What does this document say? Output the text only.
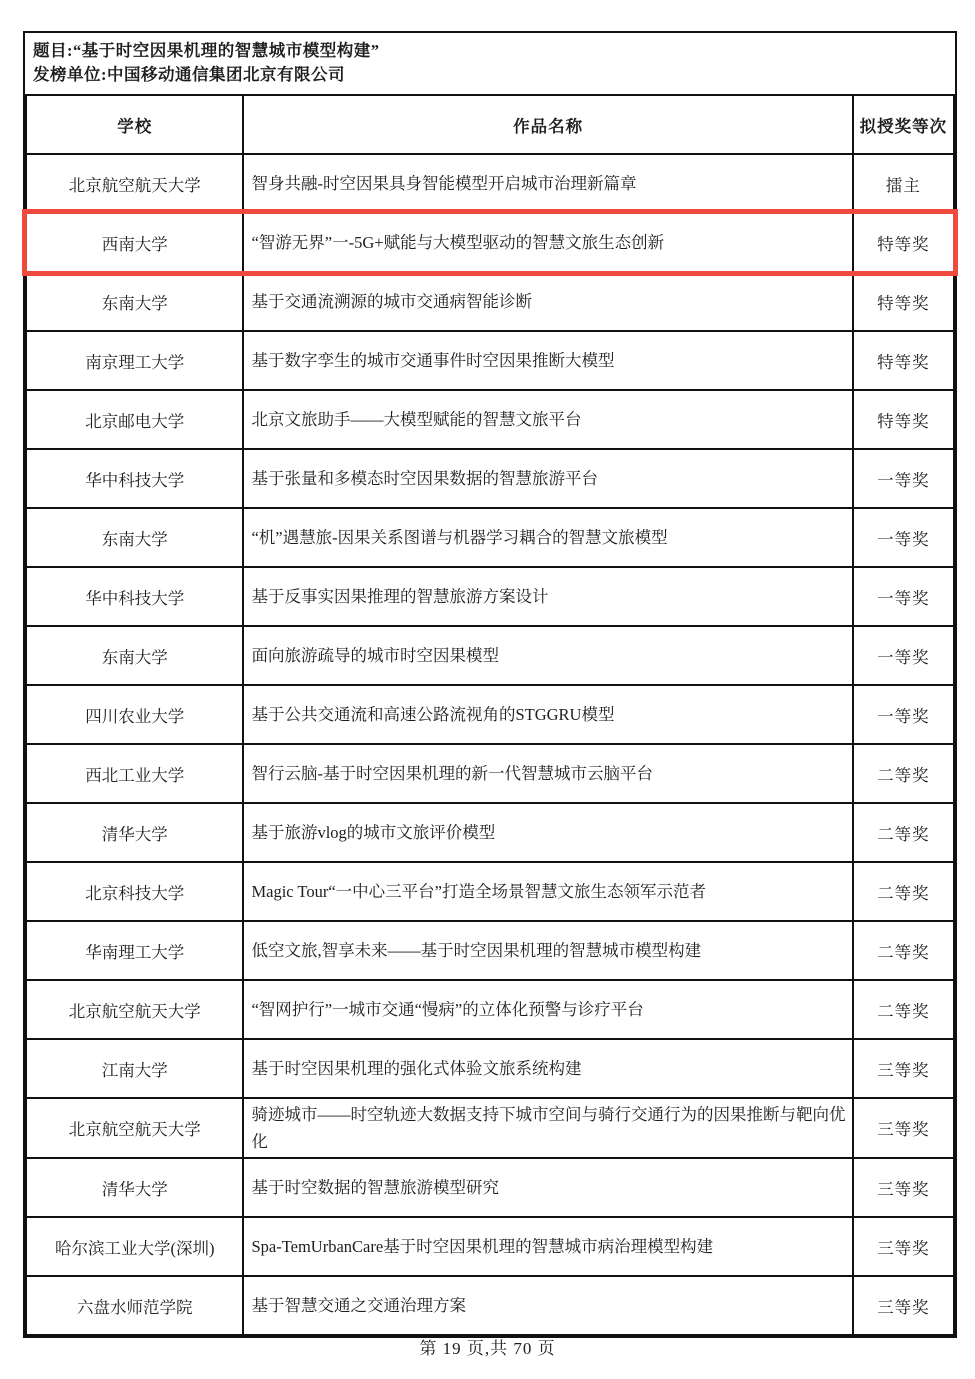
题目:“基于时空因果机理的智慧城市模型构建”
发榜单位:中国移动通信集团北京有限公司
学校	作品名称	拟授奖等次
北京航空航天大学	智身共融-时空因果具身智能模型开启城市治理新篇章	擂主
西南大学	“智游无界”一-5G+赋能与大模型驱动的智慧文旅生态创新	特等奖
东南大学	基于交通流溯源的城市交通病智能诊断	特等奖
南京理工大学	基于数字孪生的城市交通事件时空因果推断大模型	特等奖
北京邮电大学	北京文旅助手——大模型赋能的智慧文旅平台	特等奖
华中科技大学	基于张量和多模态时空因果数据的智慧旅游平台	一等奖
东南大学	“机”遇慧旅-因果关系图谱与机器学习耦合的智慧文旅模型	一等奖
华中科技大学	基于反事实因果推理的智慧旅游方案设计	一等奖
东南大学	面向旅游疏导的城市时空因果模型	一等奖
四川农业大学	基于公共交通流和高速公路流视角的STGGRU模型	一等奖
西北工业大学	智行云脑-基于时空因果机理的新一代智慧城市云脑平台	二等奖
清华大学	基于旅游vlog的城市文旅评价模型	二等奖
北京科技大学	Magic Tour“一中心三平台”打造全场景智慧文旅生态领军示范者	二等奖
华南理工大学	低空文旅,智享未来——基于时空因果机理的智慧城市模型构建	二等奖
北京航空航天大学	“智网护行”一城市交通“慢病”的立体化预警与诊疗平台	二等奖
江南大学	基于时空因果机理的强化式体验文旅系统构建	三等奖
北京航空航天大学	骑迹城市——时空轨迹大数据支持下城市空间与骑行交通行为的因果推断与靶向优化	三等奖
清华大学	基于时空数据的智慧旅游模型研究	三等奖
哈尔滨工业大学(深圳)	Spa-TemUrbanCare基于时空因果机理的智慧城市病治理模型构建	三等奖
六盘水师范学院	基于智慧交通之交通治理方案	三等奖
第 19 页,共 70 页
